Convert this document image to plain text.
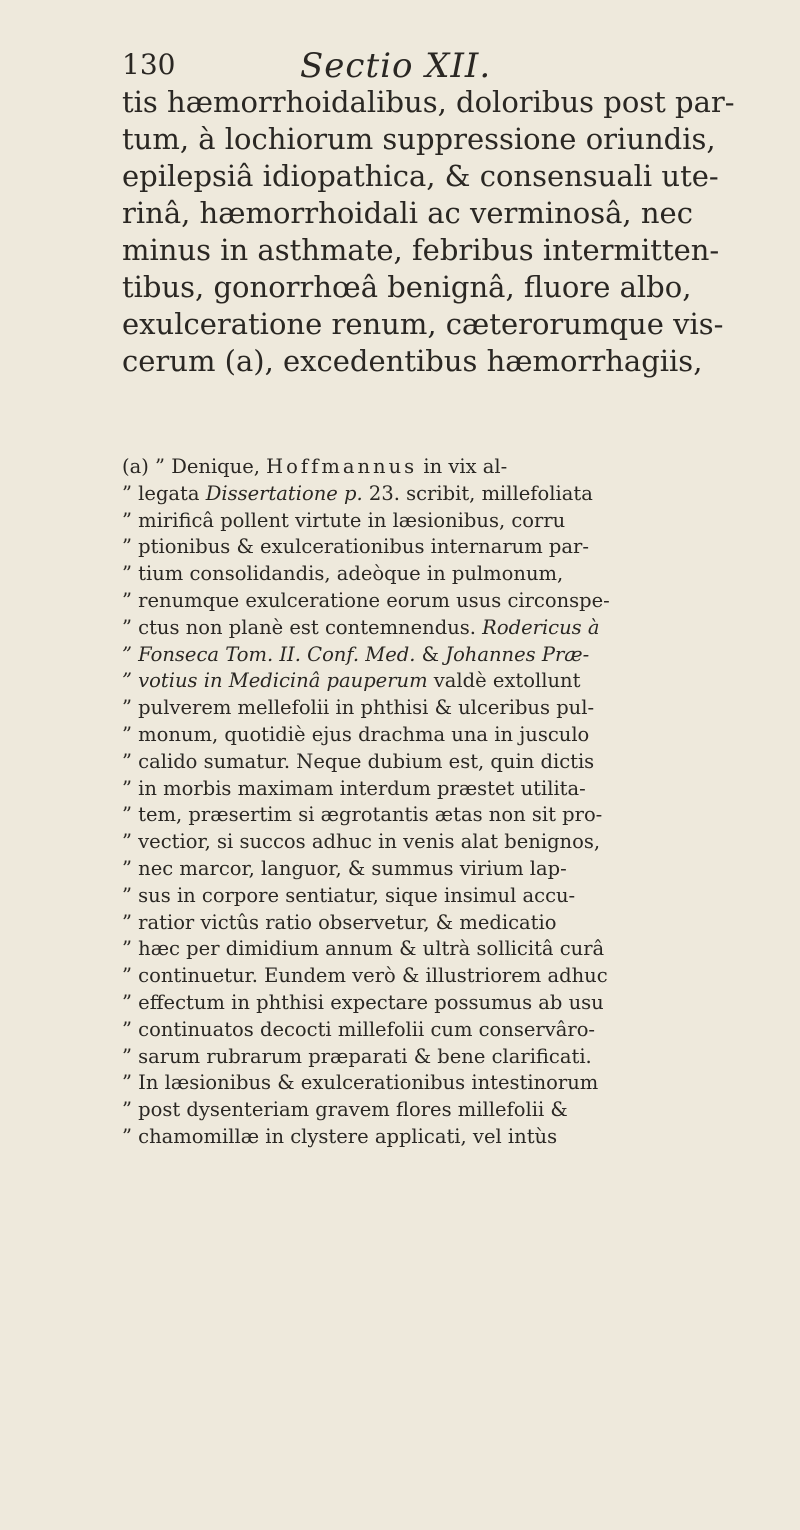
130	Sectio XII.
tis hæmorrhoidalibus, doloribus post par-
tum, à lochiorum suppressione oriundis,
epilepsiâ idiopathica, & consensuali ute-
rinâ, hæmorrhoidali ac verminosâ, nec
minus in asthmate, febribus intermitten-
tibus, gonorrhœâ benignâ, fluore albo,
exulceratione renum, cæterorumque vis-
cerum (a), excedentibus hæmorrhagiis,
(a) ” Denique, Hoffmannus in vix al-
” legata Dissertatione p. 23. scribit, millefoliata
” mirificâ pollent virtute in læsionibus, corru
” ptionibus & exulcerationibus internarum par-
” tium consolidandis, adeòque in pulmonum,
” renumque exulceratione eorum usus circonspe-
” ctus non planè est contemnendus. Rodericus à
” Fonseca Tom. II. Conf. Med. & Johannes Præ-
” votius in Medicinâ pauperum valdè extollunt
” pulverem mellefolii in phthisi & ulceribus pul-
” monum, quotidiè ejus drachma una in jusculo
” calido sumatur. Neque dubium est, quin dictis
” in morbis maximam interdum præstet utilita-
” tem, præsertim si ægrotantis ætas non sit pro-
” vectior, si succos adhuc in venis alat benignos,
” nec marcor, languor, & summus virium lap-
” sus in corpore sentiatur, sique insimul accu-
” ratior victûs ratio observetur, & medicatio
” hæc per dimidium annum & ultrà sollicitâ curâ
” continuetur. Eundem verò & illustriorem adhuc
” effectum in phthisi expectare possumus ab usu
” continuatos decocti millefolii cum conservâro-
” sarum rubrarum præparati & bene clarificati.
” In læsionibus & exulcerationibus intestinorum
” post dysenteriam gravem flores millefolii &
” chamomillæ in clystere applicati, vel intùs
